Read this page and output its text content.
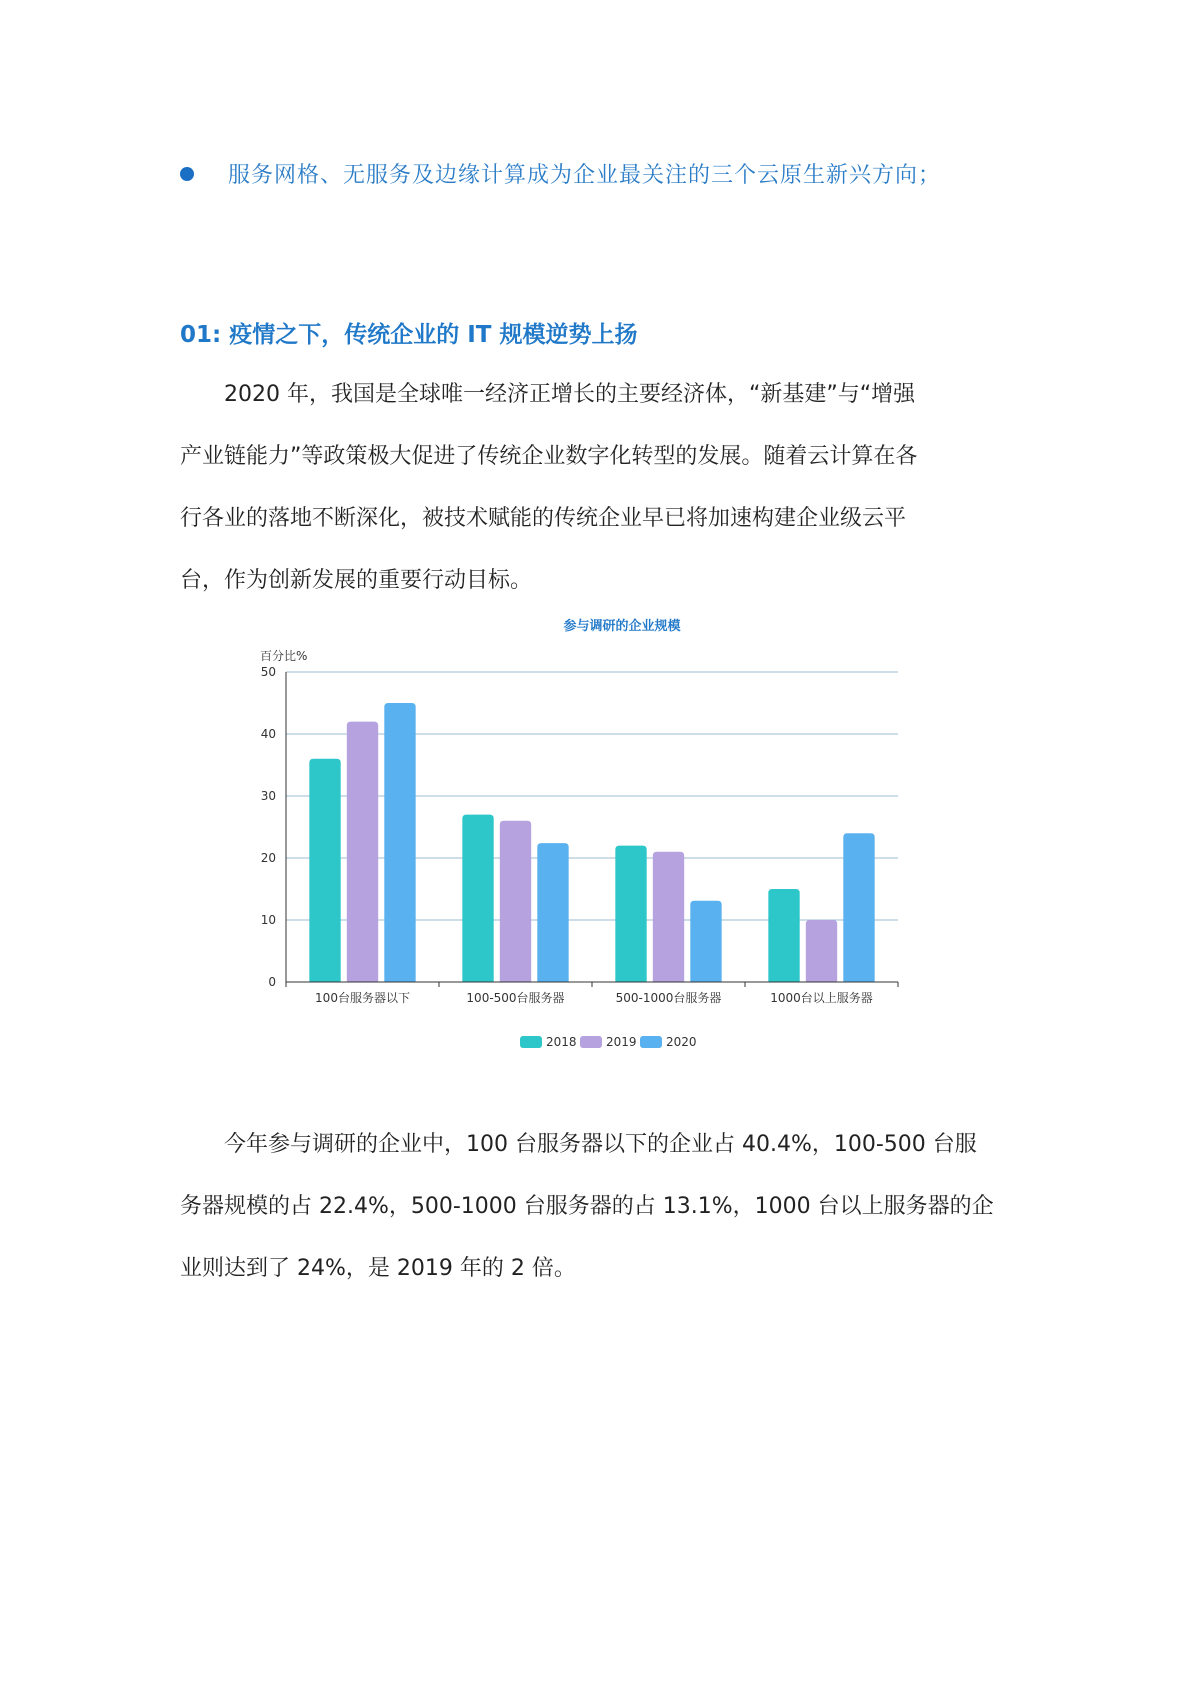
服务网格、无服务及边缘计算成为企业最关注的三个云原生新兴方向；
01: 疫情之下，传统企业的 IT 规模逆势上扬

　　2020 年，我国是全球唯一经济正增长的主要经济体，“新基建”与“增强
产业链能力”等政策极大促进了传统企业数字化转型的发展。随着云计算在各
行各业的落地不断深化，被技术赋能的传统企业早已将加速构建企业级云平
台，作为创新发展的重要行动目标。

参与调研的企业规模
百分比%
0
10
20
30
40
50
100台服务器以下	100-500台服务器	500-1000台服务器	1000台以上服务器
2018 2019 2020

　　今年参与调研的企业中，100 台服务器以下的企业占 40.4%，100-500 台服
务器规模的占 22.4%，500-1000 台服务器的占 13.1%，1000 台以上服务器的企
业则达到了 24%，是 2019 年的 2 倍。
